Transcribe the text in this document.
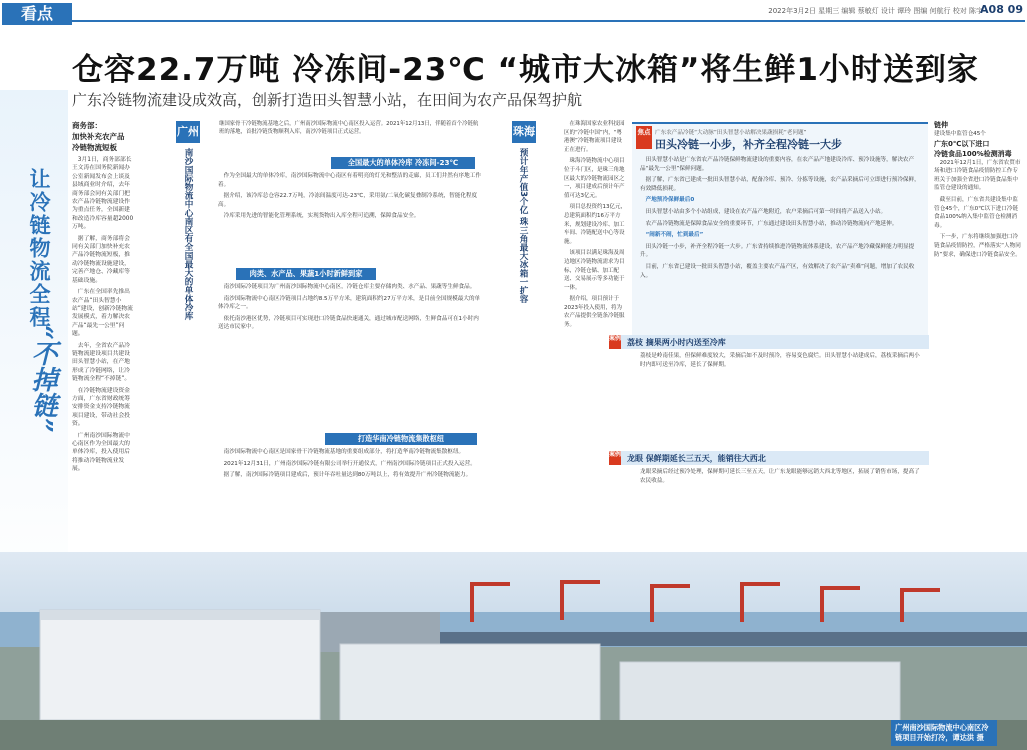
看点	2022年3月2日 星期三 编辑 蔡敏灯 设计 谭玲 图编 何航行 校对 陈宇
A08 09
仓容22.7万吨 冷冻间-23℃ “城市大冰箱”将生鲜1小时送到家
广东冷链物流建设成效高，创新打造田头智慧小站，在田间为农产品保驾护航
让冷链物流全程
“不掉链”
商务部：
加快补充农产品
冷链物流短板

3月1日，商务部部长王文涛在国务院新闻办公室新闻发布会上谈及县域商业时介绍，去年商务部会同有关部门把农产品冷链物流建设作为重点任务，全国新建和改造冷库容量超2000万吨。

据了解，商务部将会同有关部门加快补充农产品冷链物流短板，推动冷链物流设施建设，完善产地仓、冷藏库等基础设施。

广东在全国率先推出农产品“田头智慧小站”建设，创新冷链物流发展模式，着力解决农产品“最先一公里”问题。

去年，全省农产品冷链物流建设项目共建设田头智慧小站，在产地形成了冷链网络，让冷链物流全程“不掉链”。

在冷链物流建设资金方面，广东省财政统筹安排资金支持冷链物流项目建设，带动社会投资。

广州南沙国际物流中心南区作为全国最大的单体冷库，投入使用后将推动冷链物流业发展。

广州
南沙国际物流中心南区有全国最大的单体冷库
继国家骨干冷链物流基地之后，广州南沙国际物流中心南区投入运营。2021年12月13日，伴随着首个冷链航班的落地，首批冷链货物顺利入库，南沙冷链项目正式运营。
全国最大的单体冷库 冷冻间-23℃

作为全国最大的单体冷库，南沙国际物流中心南区有着明亮的灯光和整洁的走廊，员工们井然有序地工作着。

据介绍，该冷库总仓容22.7万吨，冷冻间温度可达-23℃，采用氨/二氧化碳复叠制冷系统，智能化程度高。

冷库采用先进的智能化管理系统，实现货物出入库全程可追溯，保障食品安全。

肉类、水产品、果蔬1小时新鲜到家

南沙国际冷链项目为广州南沙国际物流中心南区，冷链仓库主要存储肉类、水产品、果蔬等生鲜食品。

南沙国际物流中心南区冷链项目占地约8.5万平方米，建筑面积约27万平方米，是目前全国规模最大的单体冷库之一。

依托南沙港区优势，冷链项目可实现进口冷链食品快速通关，通过城市配送网络，生鲜食品可在1小时内送达市民家中。

打造华南冷链物流集散枢纽

南沙国际物流中心南区是国家骨干冷链物流基地的重要组成部分，将打造华南冷链物流集散枢纽。

2021年12月31日，广州南沙国际冷链有限公司举行开通仪式，广州南沙国际冷链项目正式投入运营。

据了解，南沙国际冷链项目建成后，预计年吞吐量达到80万吨以上，将有效提升广州冷链物流能力。

珠海
预计年产值3个亿 珠三角最大冰箱一扩容

在珠海国家农业科技园区的“冷链中国”内，“粤港澳”冷链物流项目建设正在进行。

珠海冷链物流中心项目位于斗门区，是珠三角地区最大的冷链物流园区之一，项目建成后预计年产值可达3亿元。

项目总投资约13亿元，总建筑面积约16万平方米，规划建设冷库、加工车间、冷链配送中心等设施。

该项目以满足珠海及周边地区冷链物流需求为目标，冷链仓储、加工配送、交易展示等多功能于一体。

据介绍，项目预计于2023年投入使用，将为农产品提供全链条冷链服务。

焦点 广东农产品冷链“大动脉”田头智慧小站解决果蔬损耗“老问题”
田头冷链一小步，补齐全程冷链一大步

田头智慧小站是广东省农产品冷链保鲜物流建设的重要内容，在农产品产地建设冷库、预冷设施等，解决农产品“最先一公里”保鲜问题。

据了解，广东省已建成一批田头智慧小站，配备冷库、预冷、分拣等设施，农产品采摘后可立即进行预冷保鲜，有效降低损耗。

产地预冷保鲜最后0

田头智慧小站由多个小站组成，建设在农产品产地附近，农户采摘后可第一时间将产品送入小站。

农产品冷链物流是保障食品安全的重要环节，广东通过建设田头智慧小站，推动冷链物流向产地延伸。

“闹新不闹，忙到最后”

田头冷链一小步，补齐全程冷链一大步。广东省持续推进冷链物流体系建设，农产品产地冷藏保鲜能力明显提升。

目前，广东省已建设一批田头智慧小站，覆盖主要农产品产区，有效解决了农产品“卖难”问题，增加了农民收入。

案例 荔枝 摘果两小时内送至冷库
荔枝是岭南佳果，但保鲜难度较大，采摘后如不及时预冷，容易变色腐烂。田头智慧小站建成后，荔枝采摘后两小时内即可送至冷库，延长了保鲜期。
案例 龙眼 保鲜期延长三五天，能销往大西北
龙眼采摘后经过预冷处理，保鲜期可延长三至五天，让广东龙眼能够远销大西北等地区，拓展了销售市场，提高了农民收益。
链伸
建设集中监管仓45个
广东0℃以下进口
冷链食品100%检测消毒

2021年12月1日，广东省农贸市场和进口冷链食品疫情防控工作专班关于加强全省进口冷链食品集中监管仓建设的通知。

截至目前，广东省共建设集中监管仓45个，广东0℃以下进口冷链食品100%纳入集中监管仓检测消毒。

下一步，广东将继续加强进口冷链食品疫情防控，严格落实“人物同防”要求，确保进口冷链食品安全。

广州南沙国际物流中心南区冷链项目开始打冷，谭达洪 摄
